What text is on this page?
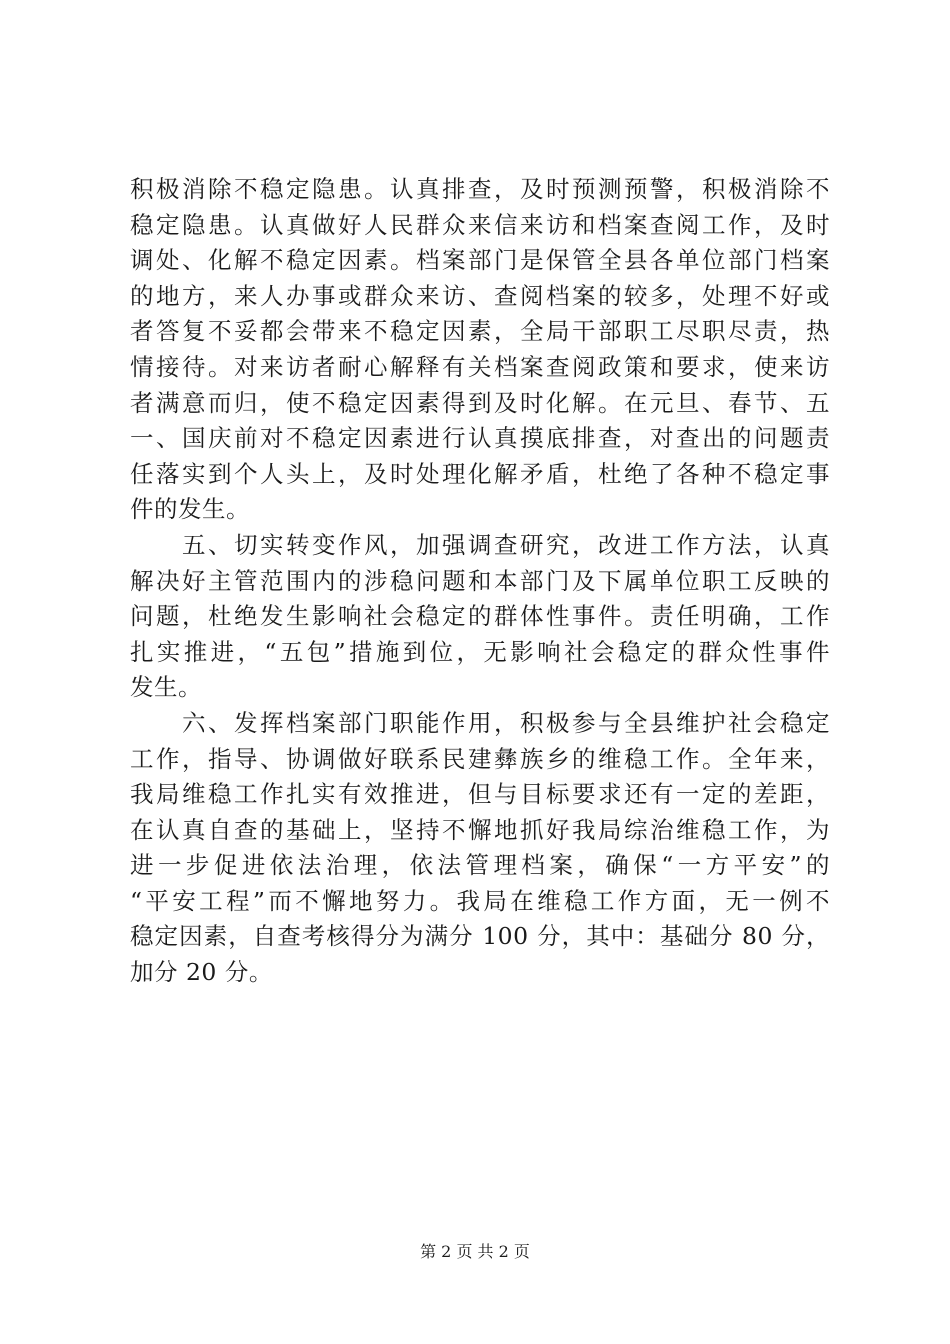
积极消除不稳定隐患。认真排查，及时预测预警，积极消除不
稳定隐患。认真做好人民群众来信来访和档案查阅工作，及时
调处、化解不稳定因素。档案部门是保管全县各单位部门档案
的地方，来人办事或群众来访、查阅档案的较多，处理不好或
者答复不妥都会带来不稳定因素，全局干部职工尽职尽责，热
情接待。对来访者耐心解释有关档案查阅政策和要求，使来访
者满意而归，使不稳定因素得到及时化解。在元旦、春节、五
一、国庆前对不稳定因素进行认真摸底排查，对查出的问题责
任落实到个人头上，及时处理化解矛盾，杜绝了各种不稳定事
件的发生。
　　五、切实转变作风，加强调查研究，改进工作方法，认真
解决好主管范围内的涉稳问题和本部门及下属单位职工反映的
问题，杜绝发生影响社会稳定的群体性事件。责任明确，工作
扎实推进，“五包”措施到位，无影响社会稳定的群众性事件
发生。
　　六、发挥档案部门职能作用，积极参与全县维护社会稳定
工作，指导、协调做好联系民建彝族乡的维稳工作。全年来，
我局维稳工作扎实有效推进，但与目标要求还有一定的差距，
在认真自查的基础上，坚持不懈地抓好我局综治维稳工作，为
进一步促进依法治理，依法管理档案，确保“一方平安”的
“平安工程”而不懈地努力。我局在维稳工作方面，无一例不
稳定因素，自查考核得分为满分 100 分，其中：基础分 80 分，
加分 20 分。
第 2 页 共 2 页
